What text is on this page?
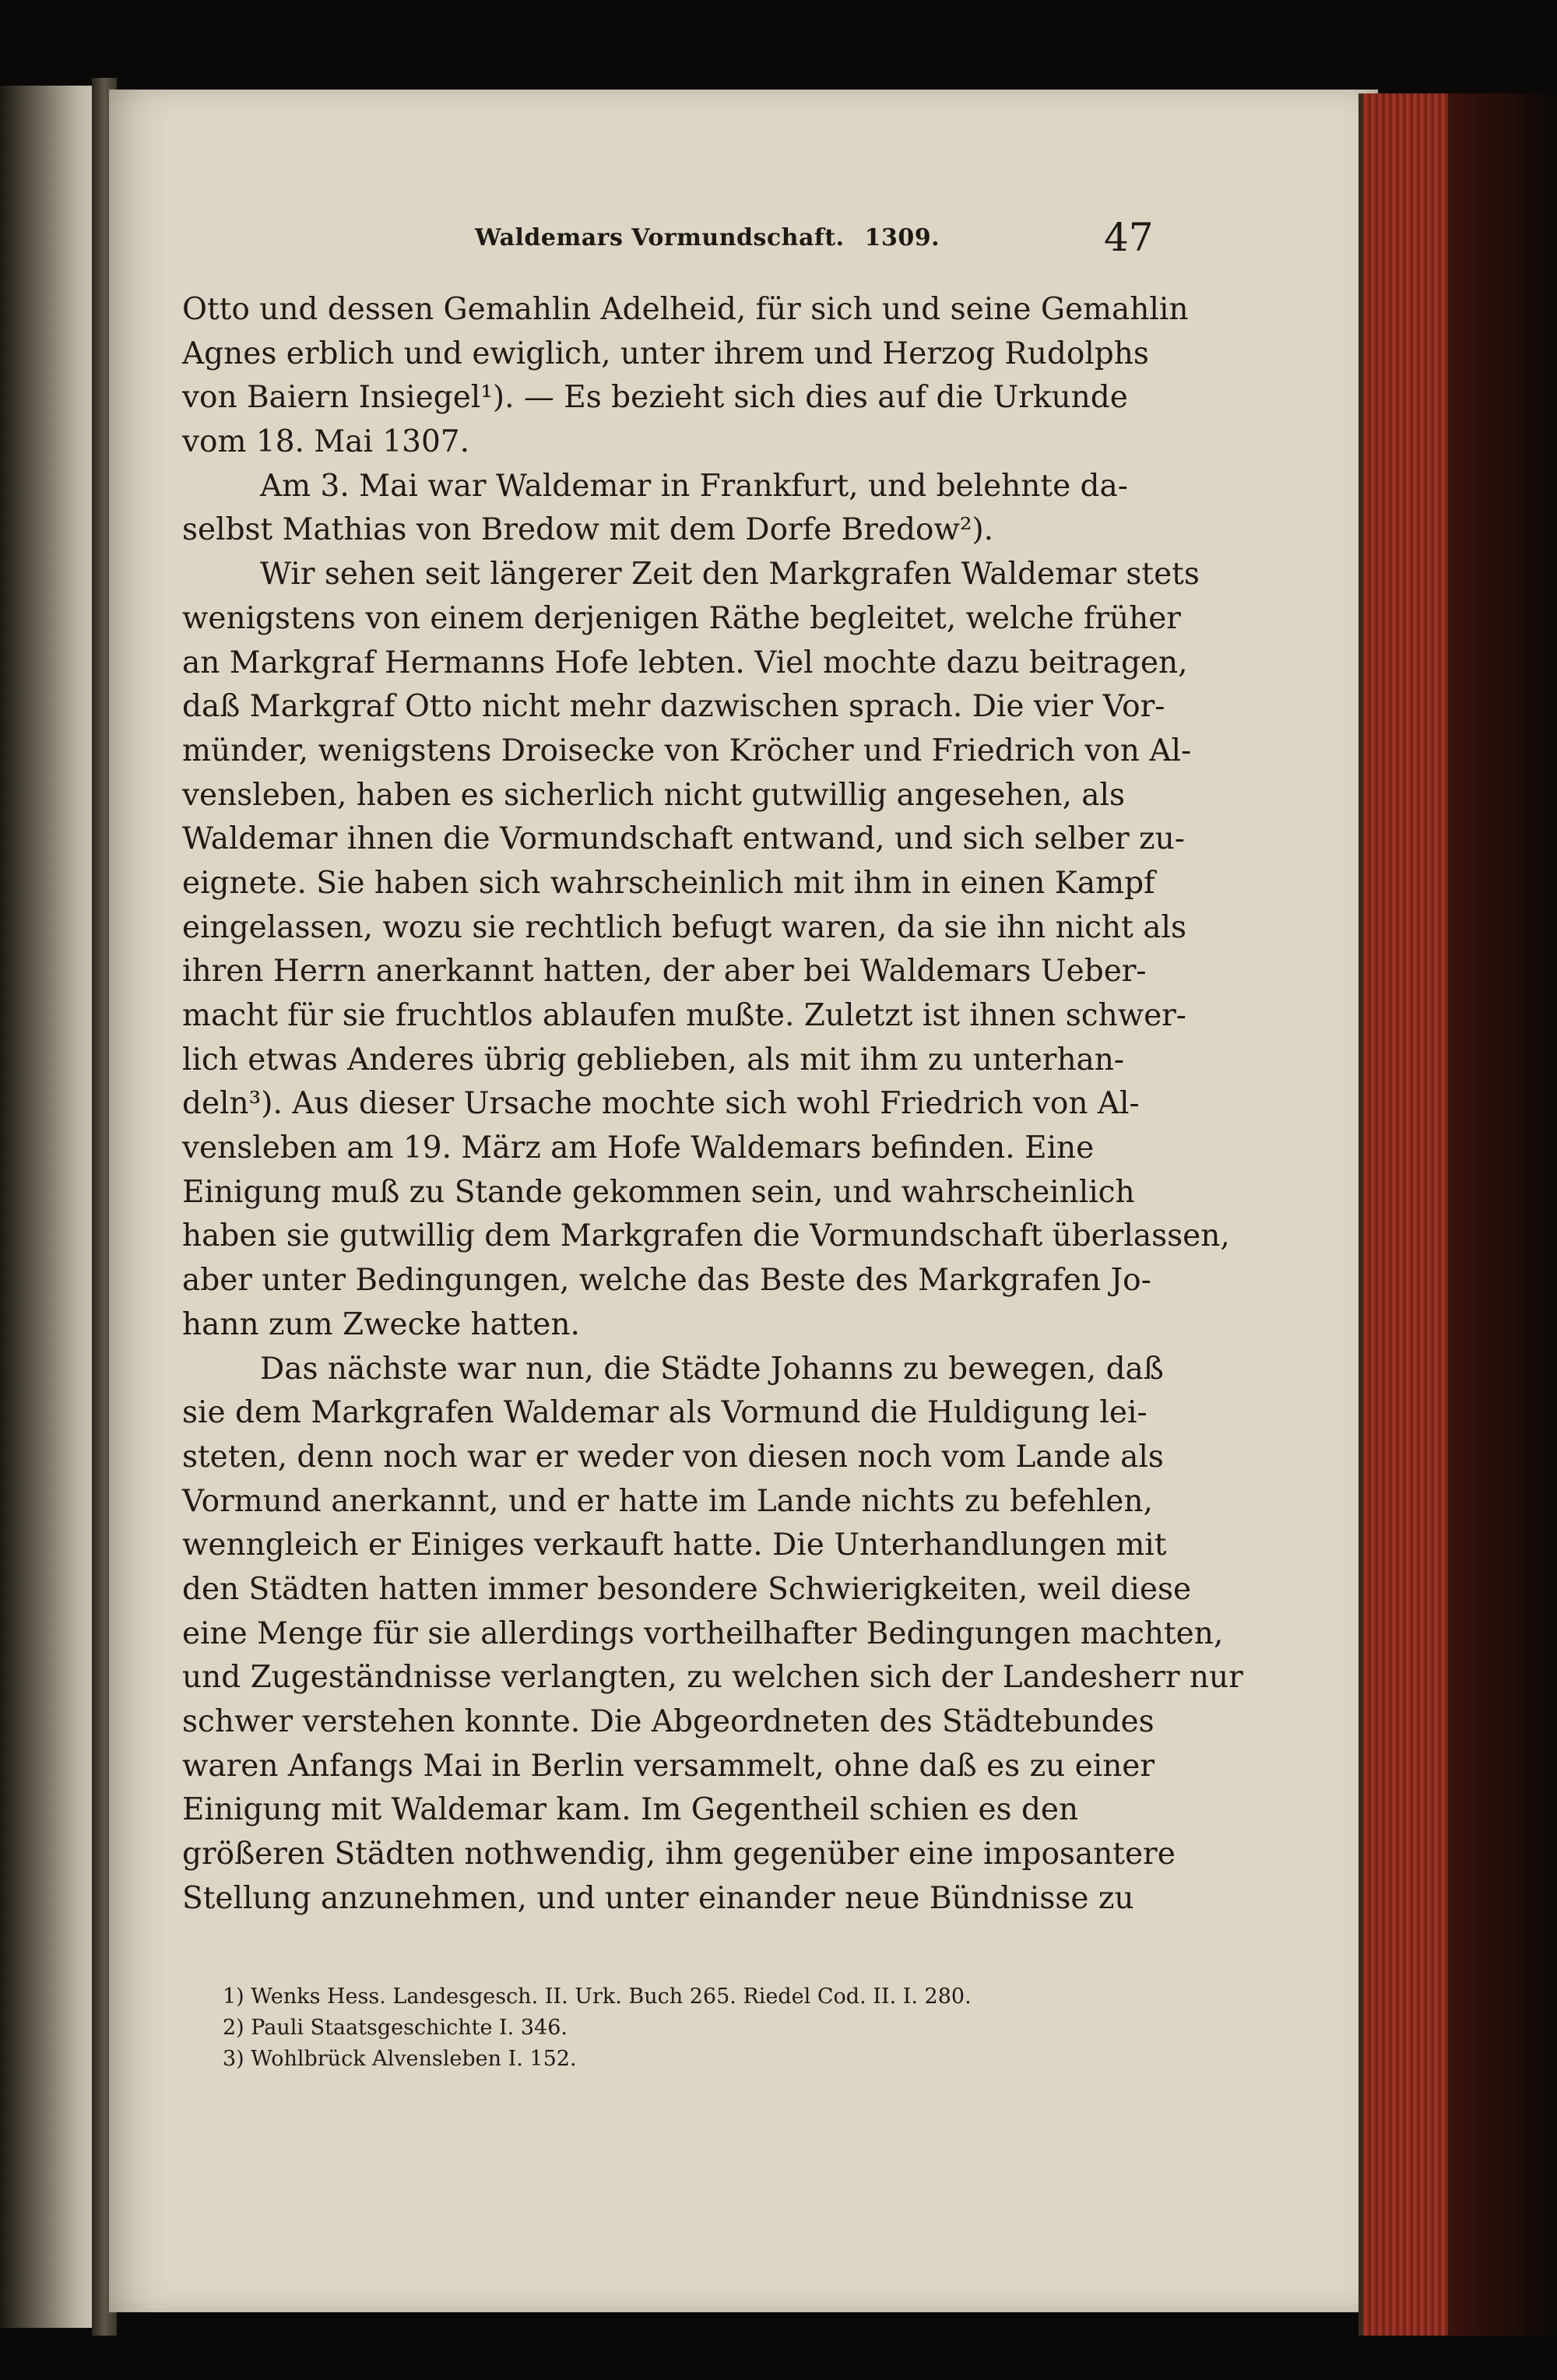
Waldemars Vormundschaft. 1309.	47
Otto und dessen Gemahlin Adelheid, für sich und seine Gemahlin
Agnes erblich und ewiglich, unter ihrem und Herzog Rudolphs
von Baiern Insiegel¹). — Es bezieht sich dies auf die Urkunde
vom 18. Mai 1307.
Am 3. Mai war Waldemar in Frankfurt, und belehnte da-
selbst Mathias von Bredow mit dem Dorfe Bredow²).
Wir sehen seit längerer Zeit den Markgrafen Waldemar stets
wenigstens von einem derjenigen Räthe begleitet, welche früher
an Markgraf Hermanns Hofe lebten. Viel mochte dazu beitragen,
daß Markgraf Otto nicht mehr dazwischen sprach. Die vier Vor-
münder, wenigstens Droisecke von Kröcher und Friedrich von Al-
vensleben, haben es sicherlich nicht gutwillig angesehen, als
Waldemar ihnen die Vormundschaft entwand, und sich selber zu-
eignete. Sie haben sich wahrscheinlich mit ihm in einen Kampf
eingelassen, wozu sie rechtlich befugt waren, da sie ihn nicht als
ihren Herrn anerkannt hatten, der aber bei Waldemars Ueber-
macht für sie fruchtlos ablaufen mußte. Zuletzt ist ihnen schwer-
lich etwas Anderes übrig geblieben, als mit ihm zu unterhan-
deln³). Aus dieser Ursache mochte sich wohl Friedrich von Al-
vensleben am 19. März am Hofe Waldemars befinden. Eine
Einigung muß zu Stande gekommen sein, und wahrscheinlich
haben sie gutwillig dem Markgrafen die Vormundschaft überlassen,
aber unter Bedingungen, welche das Beste des Markgrafen Jo-
hann zum Zwecke hatten.
Das nächste war nun, die Städte Johanns zu bewegen, daß
sie dem Markgrafen Waldemar als Vormund die Huldigung lei-
steten, denn noch war er weder von diesen noch vom Lande als
Vormund anerkannt, und er hatte im Lande nichts zu befehlen,
wenngleich er Einiges verkauft hatte. Die Unterhandlungen mit
den Städten hatten immer besondere Schwierigkeiten, weil diese
eine Menge für sie allerdings vortheilhafter Bedingungen machten,
und Zugeständnisse verlangten, zu welchen sich der Landesherr nur
schwer verstehen konnte. Die Abgeordneten des Städtebundes
waren Anfangs Mai in Berlin versammelt, ohne daß es zu einer
Einigung mit Waldemar kam. Im Gegentheil schien es den
größeren Städten nothwendig, ihm gegenüber eine imposantere
Stellung anzunehmen, und unter einander neue Bündnisse zu
1) Wenks Hess. Landesgesch. II. Urk. Buch 265. Riedel Cod. II. I. 280.
2) Pauli Staatsgeschichte I. 346.
3) Wohlbrück Alvensleben I. 152.
